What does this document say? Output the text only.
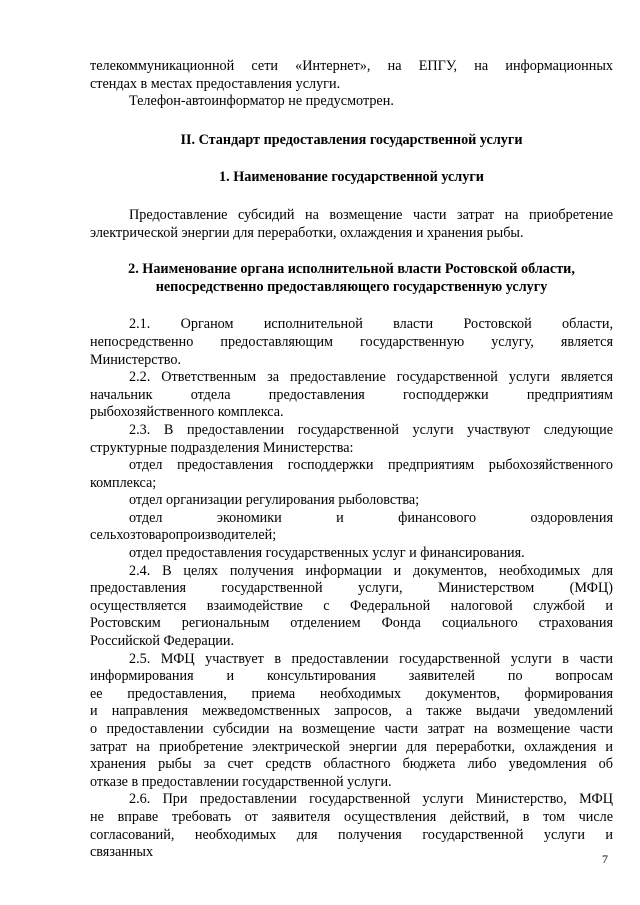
телекоммуникационной сети «Интернет», на ЕПГУ, на информационных

стендах в местах предоставления услуги.

Телефон-автоинформатор не предусмотрен.

II. Стандарт предоставления государственной услуги

1. Наименование государственной услуги

Предоставление субсидий на возмещение части затрат на приобретение

электрической энергии для переработки, охлаждения и хранения рыбы.

2. Наименование органа исполнительной власти Ростовской области,

непосредственно предоставляющего государственную услугу

2.1. Органом исполнительной власти Ростовской области,

непосредственно предоставляющим государственную услугу, является

Министерство.

2.2. Ответственным за предоставление государственной услуги является

начальник отдела предоставления господдержки предприятиям

рыбохозяйственного комплекса.

2.3. В предоставлении государственной услуги участвуют следующие

структурные подразделения Министерства:

отдел предоставления господдержки предприятиям рыбохозяйственного

комплекса;

отдел организации регулирования рыболовства;

отдел экономики и финансового оздоровления

сельхозтоваропроизводителей;

отдел предоставления государственных услуг и финансирования.

2.4. В целях получения информации и документов, необходимых для

предоставления государственной услуги, Министерством (МФЦ)

осуществляется взаимодействие с Федеральной налоговой службой и

Ростовским региональным отделением Фонда социального страхования

Российской Федерации.

2.5. МФЦ участвует в предоставлении государственной услуги в части

информирования и консультирования заявителей по вопросам

ее предоставления, приема необходимых документов, формирования

и направления межведомственных запросов, а также выдачи уведомлений

о предоставлении субсидии на возмещение части затрат на возмещение части

затрат на приобретение электрической энергии для переработки, охлаждения и

хранения рыбы за счет средств областного бюджета либо уведомления об

отказе в предоставлении государственной услуги.

2.6. При предоставлении государственной услуги Министерство, МФЦ

не вправе требовать от заявителя осуществления действий, в том числе

согласований, необходимых для получения государственной услуги и

связанных	7
